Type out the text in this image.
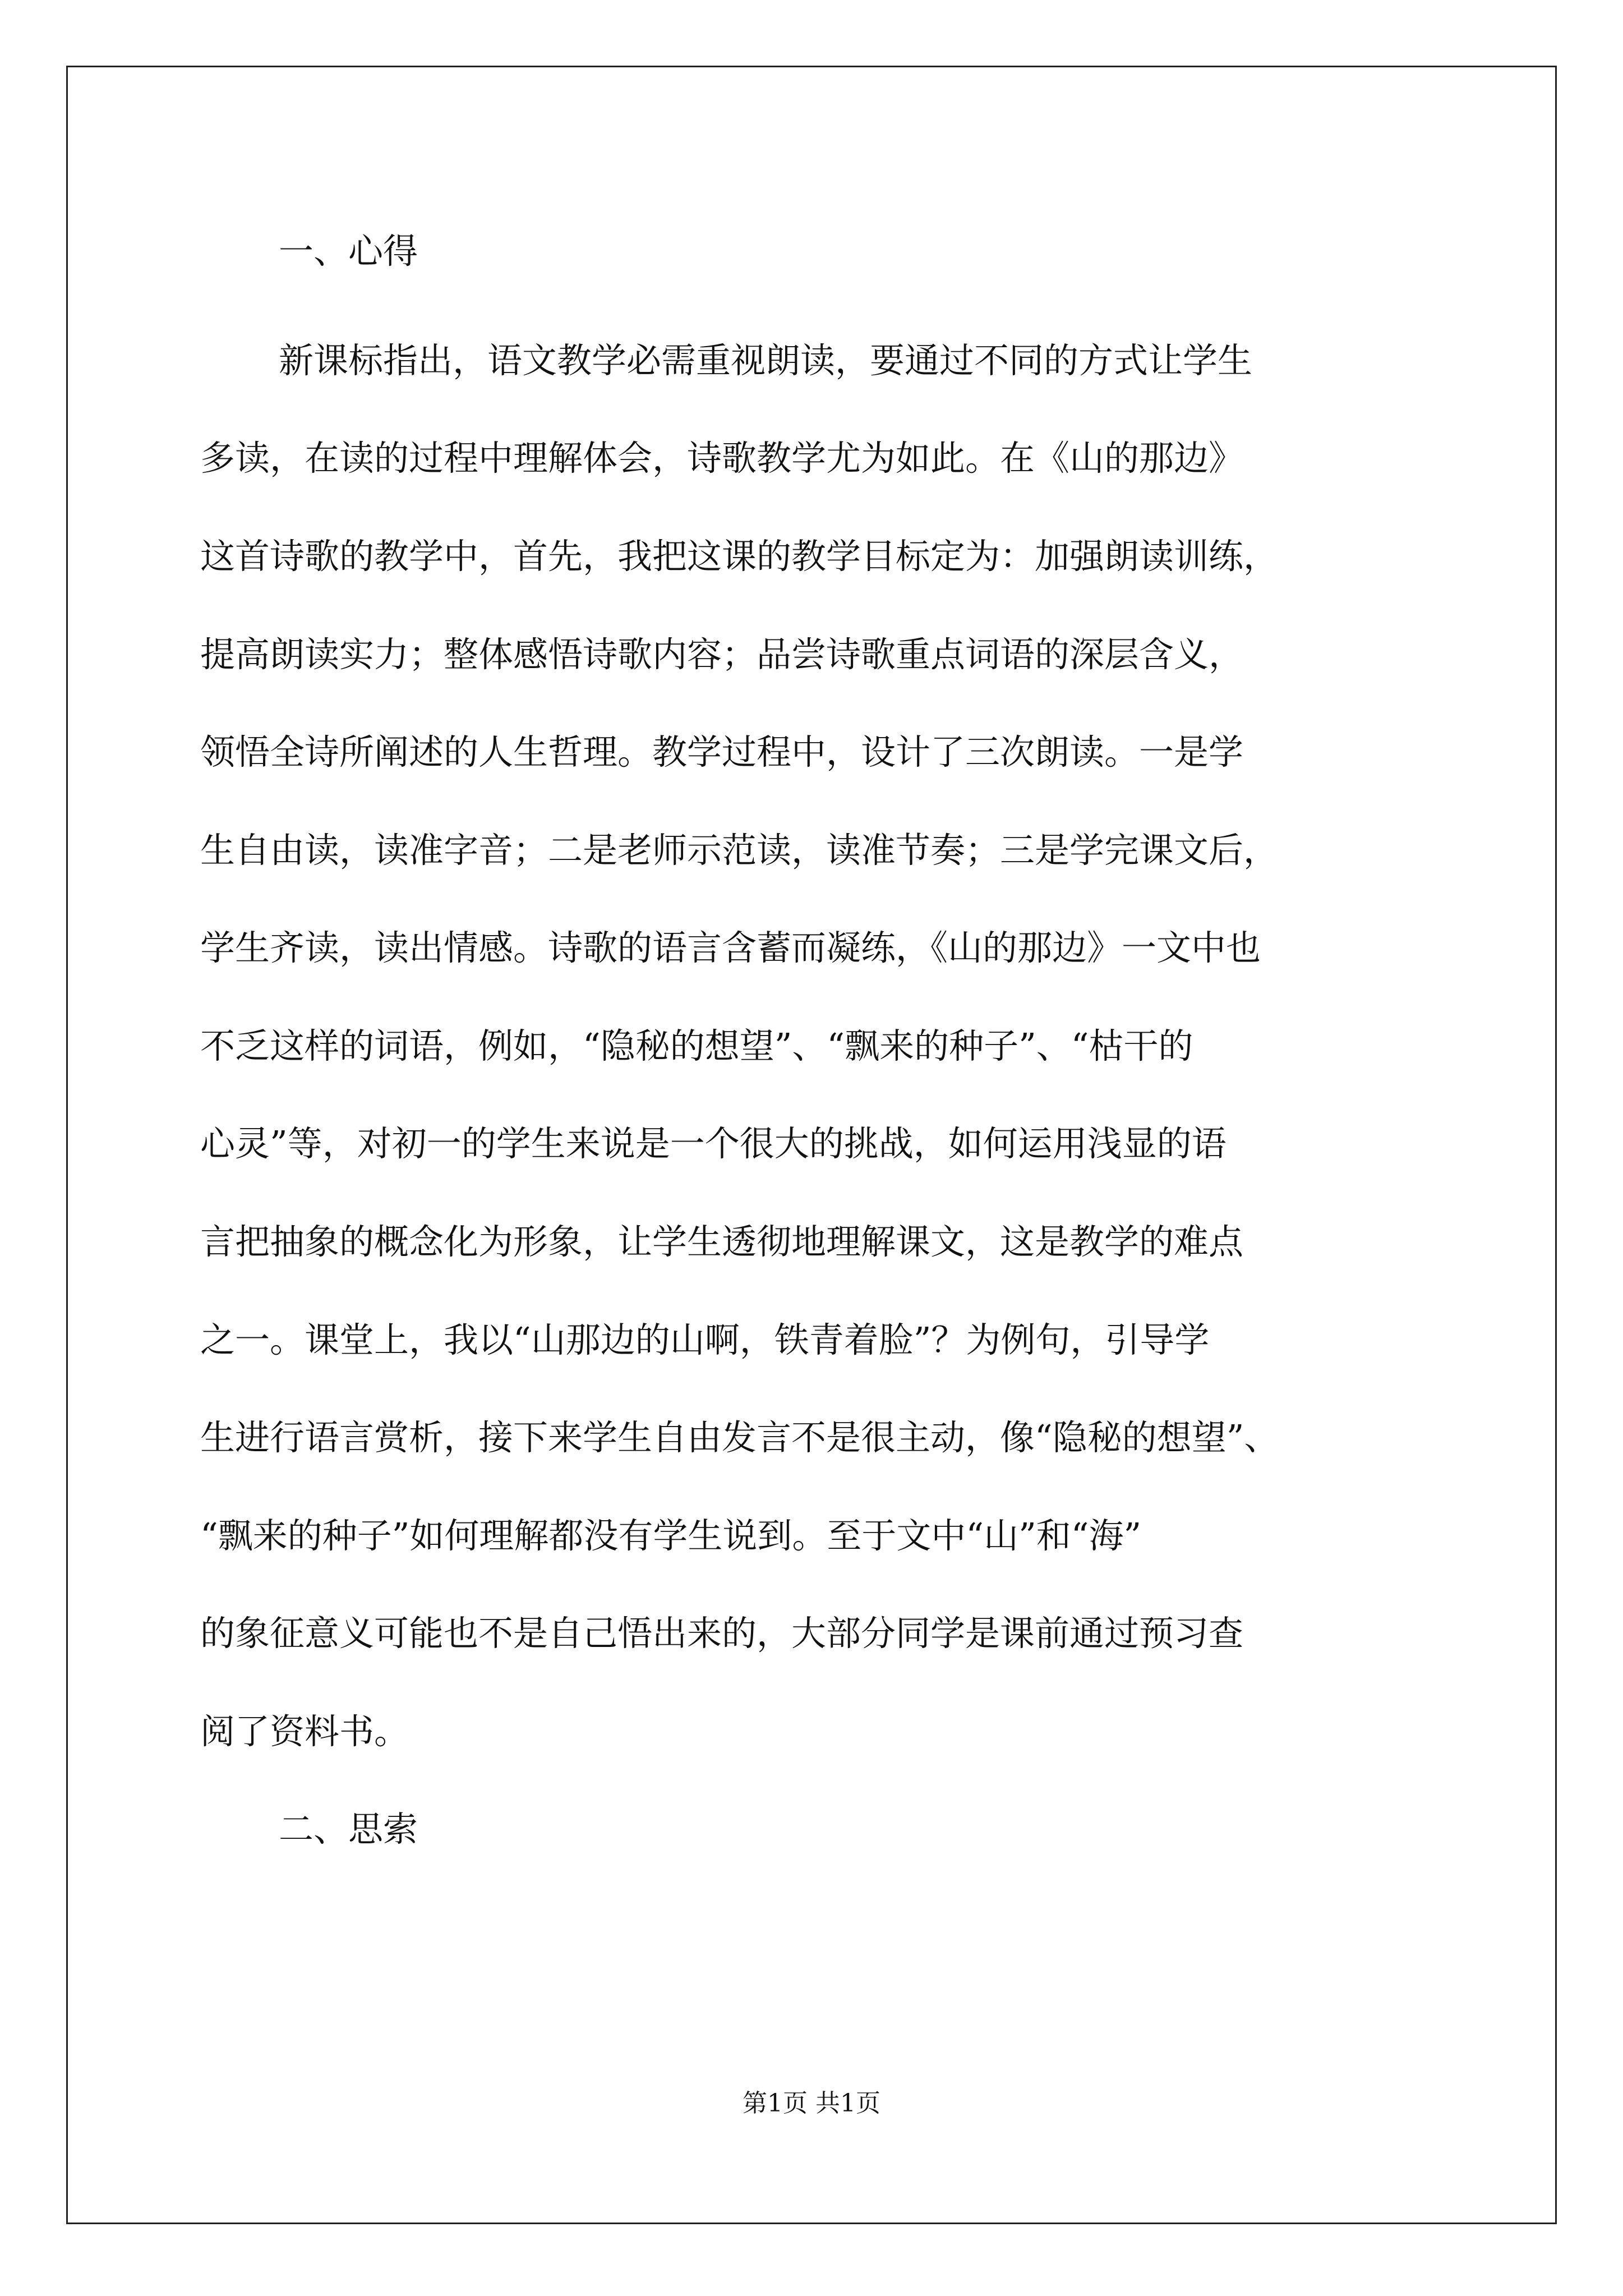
一、心得
新课标指出，语文教学必需重视朗读，要通过不同的方式让学生
多读，在读的过程中理解体会，诗歌教学尤为如此。在《山的那边》
这首诗歌的教学中，首先，我把这课的教学目标定为：加强朗读训练，
提高朗读实力；整体感悟诗歌内容；品尝诗歌重点词语的深层含义，
领悟全诗所阐述的人生哲理。教学过程中，设计了三次朗读。一是学
生自由读，读准字音；二是老师示范读，读准节奏；三是学完课文后，
学生齐读，读出情感。诗歌的语言含蓄而凝练，《山的那边》一文中也
不乏这样的词语，例如，“隐秘的想望”、“飘来的种子”、“枯干的
心灵”等，对初一的学生来说是一个很大的挑战，如何运用浅显的语
言把抽象的概念化为形象，让学生透彻地理解课文，这是教学的难点
之一。课堂上，我以“山那边的山啊，铁青着脸”？为例句，引导学
生进行语言赏析，接下来学生自由发言不是很主动，像“隐秘的想望”、
“飘来的种子”如何理解都没有学生说到。至于文中“山”和“海”
的象征意义可能也不是自己悟出来的，大部分同学是课前通过预习查
阅了资料书。
二、思索
第1页 共1页
